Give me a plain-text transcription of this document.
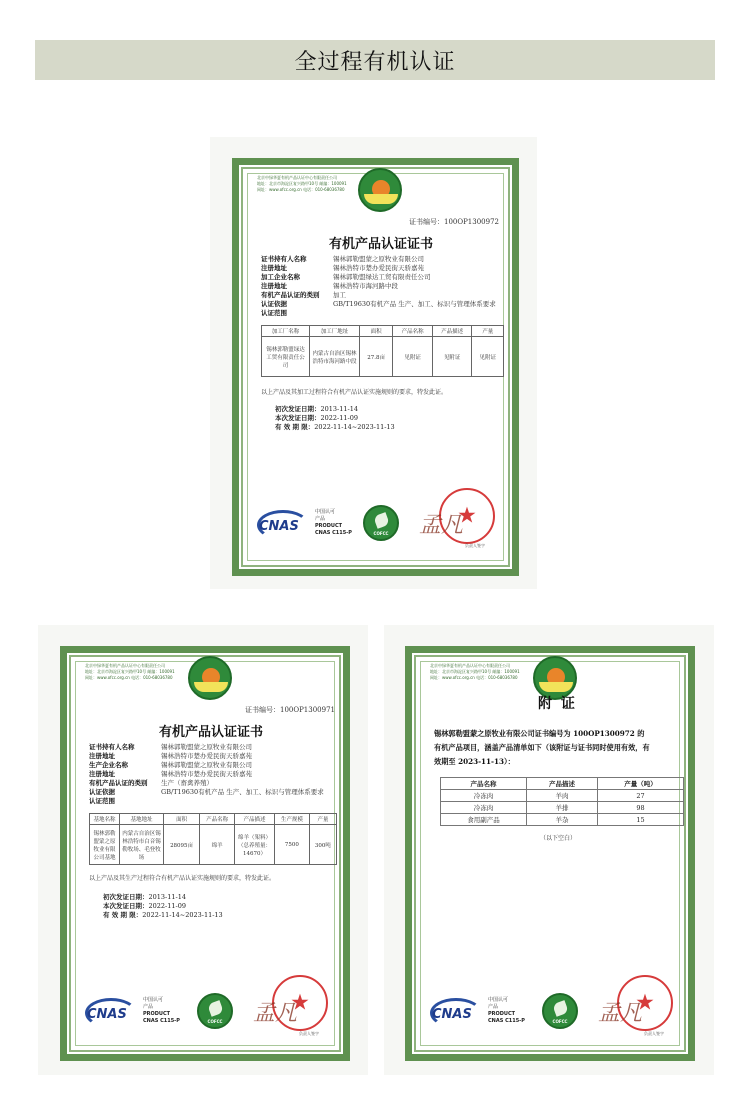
全过程有机认证
北京中绿华夏有机产品认证中心有限责任公司
地址：北京市海淀区复兴路甲10号 邮编：100091
网址：www.ofcc.org.cn 电话：010-68036780
证书编号：100OP1300972
有机产品认证证书
证书持有人名称	锡林郭勒盟蒙之原牧业有限公司
注册地址	锡林浩特市楚办爱民街天骄嘉苑
加工企业名称	锡林郭勒盟绿达工贸有限责任公司
注册地址	锡林浩特市海河路中段
有机产品认证的类别	加工
认证依据	GB/T19630有机产品 生产、加工、标识与管理体系要求
认证范围
加工厂名称	加工厂地址	面积	产品名称	产品描述	产量
锡林郭勒盟绿达工贸有限责任公司	内蒙古自治区锡林浩特市海河路中段	27.8亩	见附证	见附证	见附证
以上产品及其加工过程符合有机产品认证实施规则的要求，特发此证。
初次发证日期：2013-11-14
本次发证日期：2022-11-09
有 效 期 限：2022-11-14~2023-11-13
CNAS
中国认可
产品
PRODUCT
CNAS C115-P	COFCC
★
孟凡
负责人签字
北京中绿华夏有机产品认证中心有限责任公司
地址：北京市海淀区复兴路甲10号 邮编：100091
网址：www.ofcc.org.cn 电话：010-68036780
证书编号：100OP1300971
有机产品认证证书
证书持有人名称	锡林郭勒盟蒙之原牧业有限公司
注册地址	锡林浩特市楚办爱民街天骄嘉苑
生产企业名称	锡林郭勒盟蒙之原牧业有限公司
注册地址	锡林浩特市楚办爱民街天骄嘉苑
有机产品认证的类别	生产（畜禽养殖）
认证依据	GB/T19630有机产品 生产、加工、标识与管理体系要求
认证范围
基地名称	基地地址	面积	产品名称	产品描述	生产规模	产量
锡林郭勒盟蒙之原牧业有限公司基地	内蒙古自治区锡林浩特市白音锡勒牧场、毛登牧场	28095亩	绵羊	绵羊（架料）（总养殖量：14670）	7500	300吨
以上产品及其生产过程符合有机产品认证实施规则的要求，特发此证。
初次发证日期：2013-11-14
本次发证日期：2022-11-09
有 效 期 限：2022-11-14~2023-11-13
CNAS
中国认可
产品
PRODUCT
CNAS C115-P	COFCC
★
孟凡
负责人签字
北京中绿华夏有机产品认证中心有限责任公司
地址：北京市海淀区复兴路甲10号 邮编：100091
网址：www.ofcc.org.cn 电话：010-68036780
附 证
锡林郭勒盟蒙之原牧业有限公司证书编号为 100OP1300972 的
有机产品项目，涵盖产品清单如下（该附证与证书同时使用有效，有
效期至 2023-11-13）：
产品名称	产品描述	产量（吨）
冷冻肉	羊肉	27
冷冻肉	羊排	98
食用副产品	羊杂	15
（以下空白）
CNAS
中国认可
产品
PRODUCT
CNAS C115-P	COFCC
★
孟凡
负责人签字
